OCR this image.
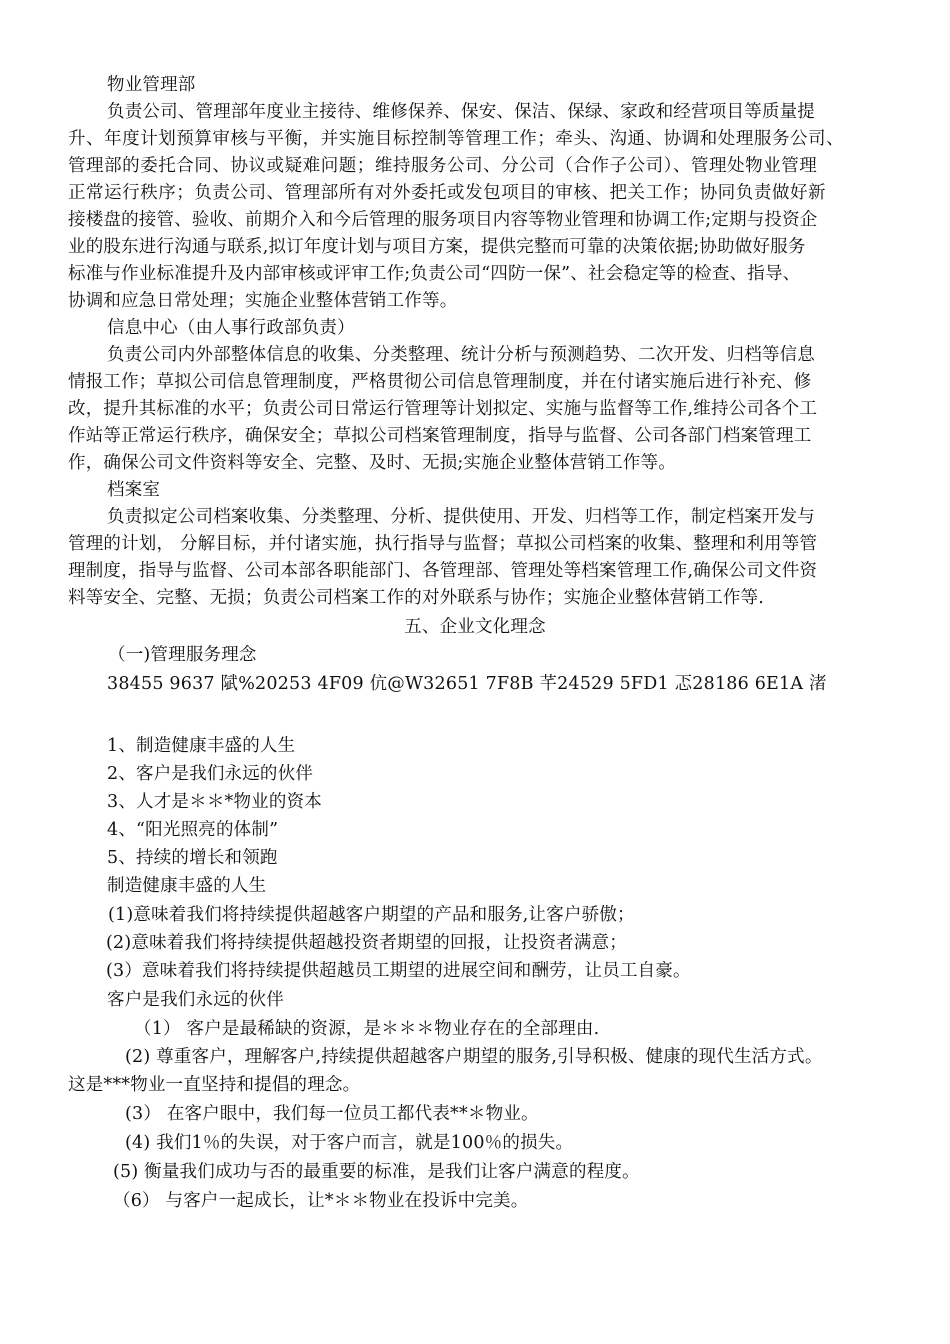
物业管理部
负责公司、管理部年度业主接待、维修保养、保安、保洁、保绿、家政和经营项目等质量提
升、年度计划预算审核与平衡，并实施目标控制等管理工作；牵头、沟通、协调和处理服务公司、
管理部的委托合同、协议或疑难问题；维持服务公司、分公司（合作子公司）、管理处物业管理
正常运行秩序；负责公司、管理部所有对外委托或发包项目的审核、把关工作；协同负责做好新
接楼盘的接管、验收、前期介入和今后管理的服务项目内容等物业管理和协调工作;定期与投资企
业的股东进行沟通与联系,拟订年度计划与项目方案，提供完整而可靠的决策依据;协助做好服务
标准与作业标准提升及内部审核或评审工作;负责公司“四防一保”、社会稳定等的检查、指导、
协调和应急日常处理；实施企业整体营销工作等。
信息中心（由人事行政部负责）
负责公司内外部整体信息的收集、分类整理、统计分析与预测趋势、二次开发、归档等信息
情报工作；草拟公司信息管理制度，严格贯彻公司信息管理制度，并在付诸实施后进行补充、修
改，提升其标准的水平；负责公司日常运行管理等计划拟定、实施与监督等工作,维持公司各个工
作站等正常运行秩序，确保安全；草拟公司档案管理制度，指导与监督、公司各部门档案管理工
作，确保公司文件资料等安全、完整、及时、无损;实施企业整体营销工作等。
档案室
负责拟定公司档案收集、分类整理、分析、提供使用、开发、归档等工作，制定档案开发与
管理的计划， 分解目标，并付诸实施，执行指导与监督；草拟公司档案的收集、整理和利用等管
理制度，指导与监督、公司本部各职能部门、各管理部、管理处等档案管理工作,确保公司文件资
料等安全、完整、无损；负责公司档案工作的对外联系与协作；实施企业整体营销工作等.
五、企业文化理念
（一)管理服务理念
38455 9637 陚%20253 4F09 伉@W32651 7F8B 芊24529 5FD1 忑28186 6E1A 渚
1、制造健康丰盛的人生
2、客户是我们永远的伙伴
3、人才是＊＊*物业的资本
4、“阳光照亮的体制”
5、持续的增长和领跑
制造健康丰盛的人生
(1)意味着我们将持续提供超越客户期望的产品和服务,让客户骄傲；
(2)意味着我们将持续提供超越投资者期望的回报，让投资者满意；
(3）意味着我们将持续提供超越员工期望的进展空间和酬劳，让员工自豪。
客户是我们永远的伙伴
（1） 客户是最稀缺的资源，是＊＊＊物业存在的全部理由.
(2) 尊重客户，理解客户,持续提供超越客户期望的服务,引导积极、健康的现代生活方式。
这是***物业一直坚持和提倡的理念。
(3） 在客户眼中，我们每一位员工都代表**＊物业。
(4) 我们1％的失误，对于客户而言，就是100％的损失。
(5) 衡量我们成功与否的最重要的标准，是我们让客户满意的程度。
（6） 与客户一起成长，让*＊＊物业在投诉中完美。
